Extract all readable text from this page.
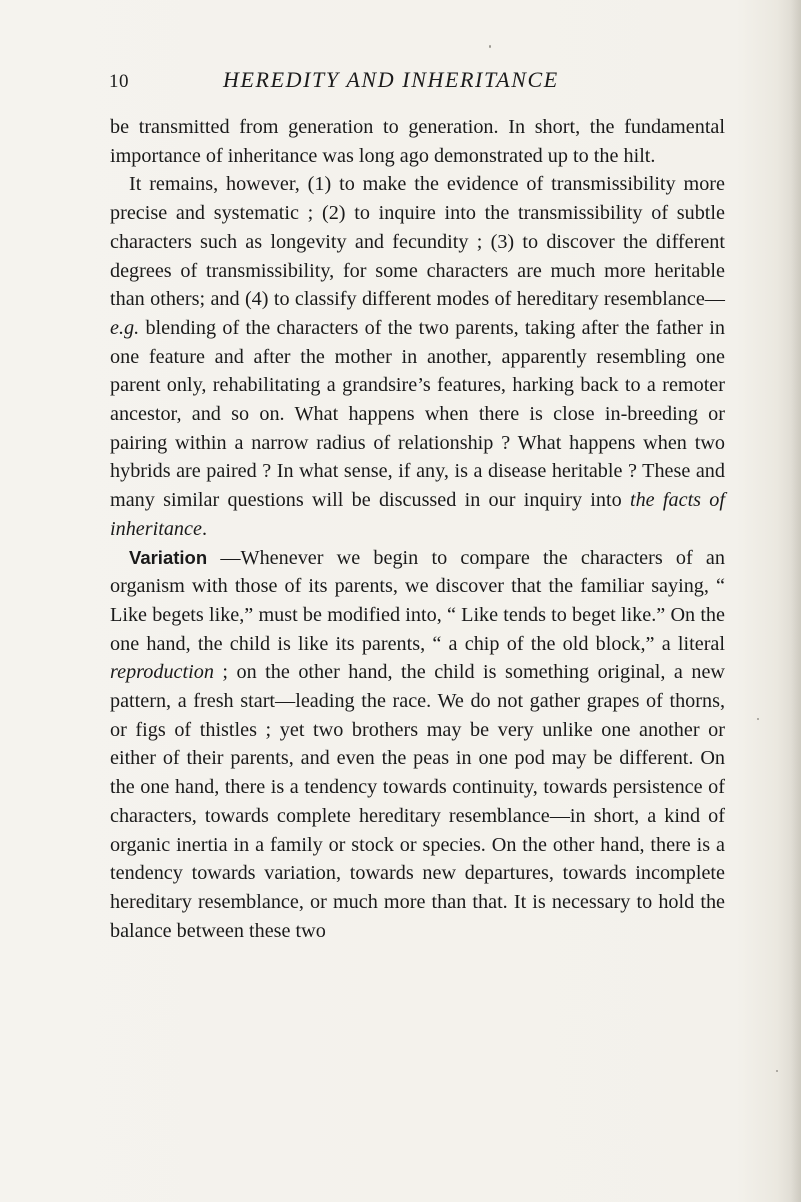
10	HEREDITY AND INHERITANCE

be transmitted from generation to generation. In short, the fundamental importance of inheritance was long ago demonstrated up to the hilt.

It remains, however, (1) to make the evidence of transmissibility more precise and systematic ; (2) to inquire into the transmissibility of subtle characters such as longevity and fecundity ; (3) to discover the different degrees of transmissibility, for some characters are much more heritable than others; and (4) to classify different modes of hereditary resemblance—e.g. blending of the characters of the two parents, taking after the father in one feature and after the mother in another, apparently resembling one parent only, rehabilitating a grandsire’s features, harking back to a remoter ancestor, and so on. What happens when there is close in-breeding or pairing within a narrow radius of relationship ? What happens when two hybrids are paired ? In what sense, if any, is a disease heritable ? These and many similar questions will be discussed in our inquiry into the facts of inheritance.

Variation —Whenever we begin to compare the characters of an organism with those of its parents, we discover that the familiar saying, “ Like begets like,” must be modified into, “ Like tends to beget like.” On the one hand, the child is like its parents, “ a chip of the old block,” a literal reproduction ; on the other hand, the child is something original, a new pattern, a fresh start—leading the race. We do not gather grapes of thorns, or figs of thistles ; yet two brothers may be very unlike one another or either of their parents, and even the peas in one pod may be different. On the one hand, there is a tendency towards continuity, towards persistence of characters, towards complete hereditary resemblance—in short, a kind of organic inertia in a family or stock or species. On the other hand, there is a tendency towards variation, towards new departures, towards incomplete hereditary resemblance, or much more than that. It is necessary to hold the balance between these two
